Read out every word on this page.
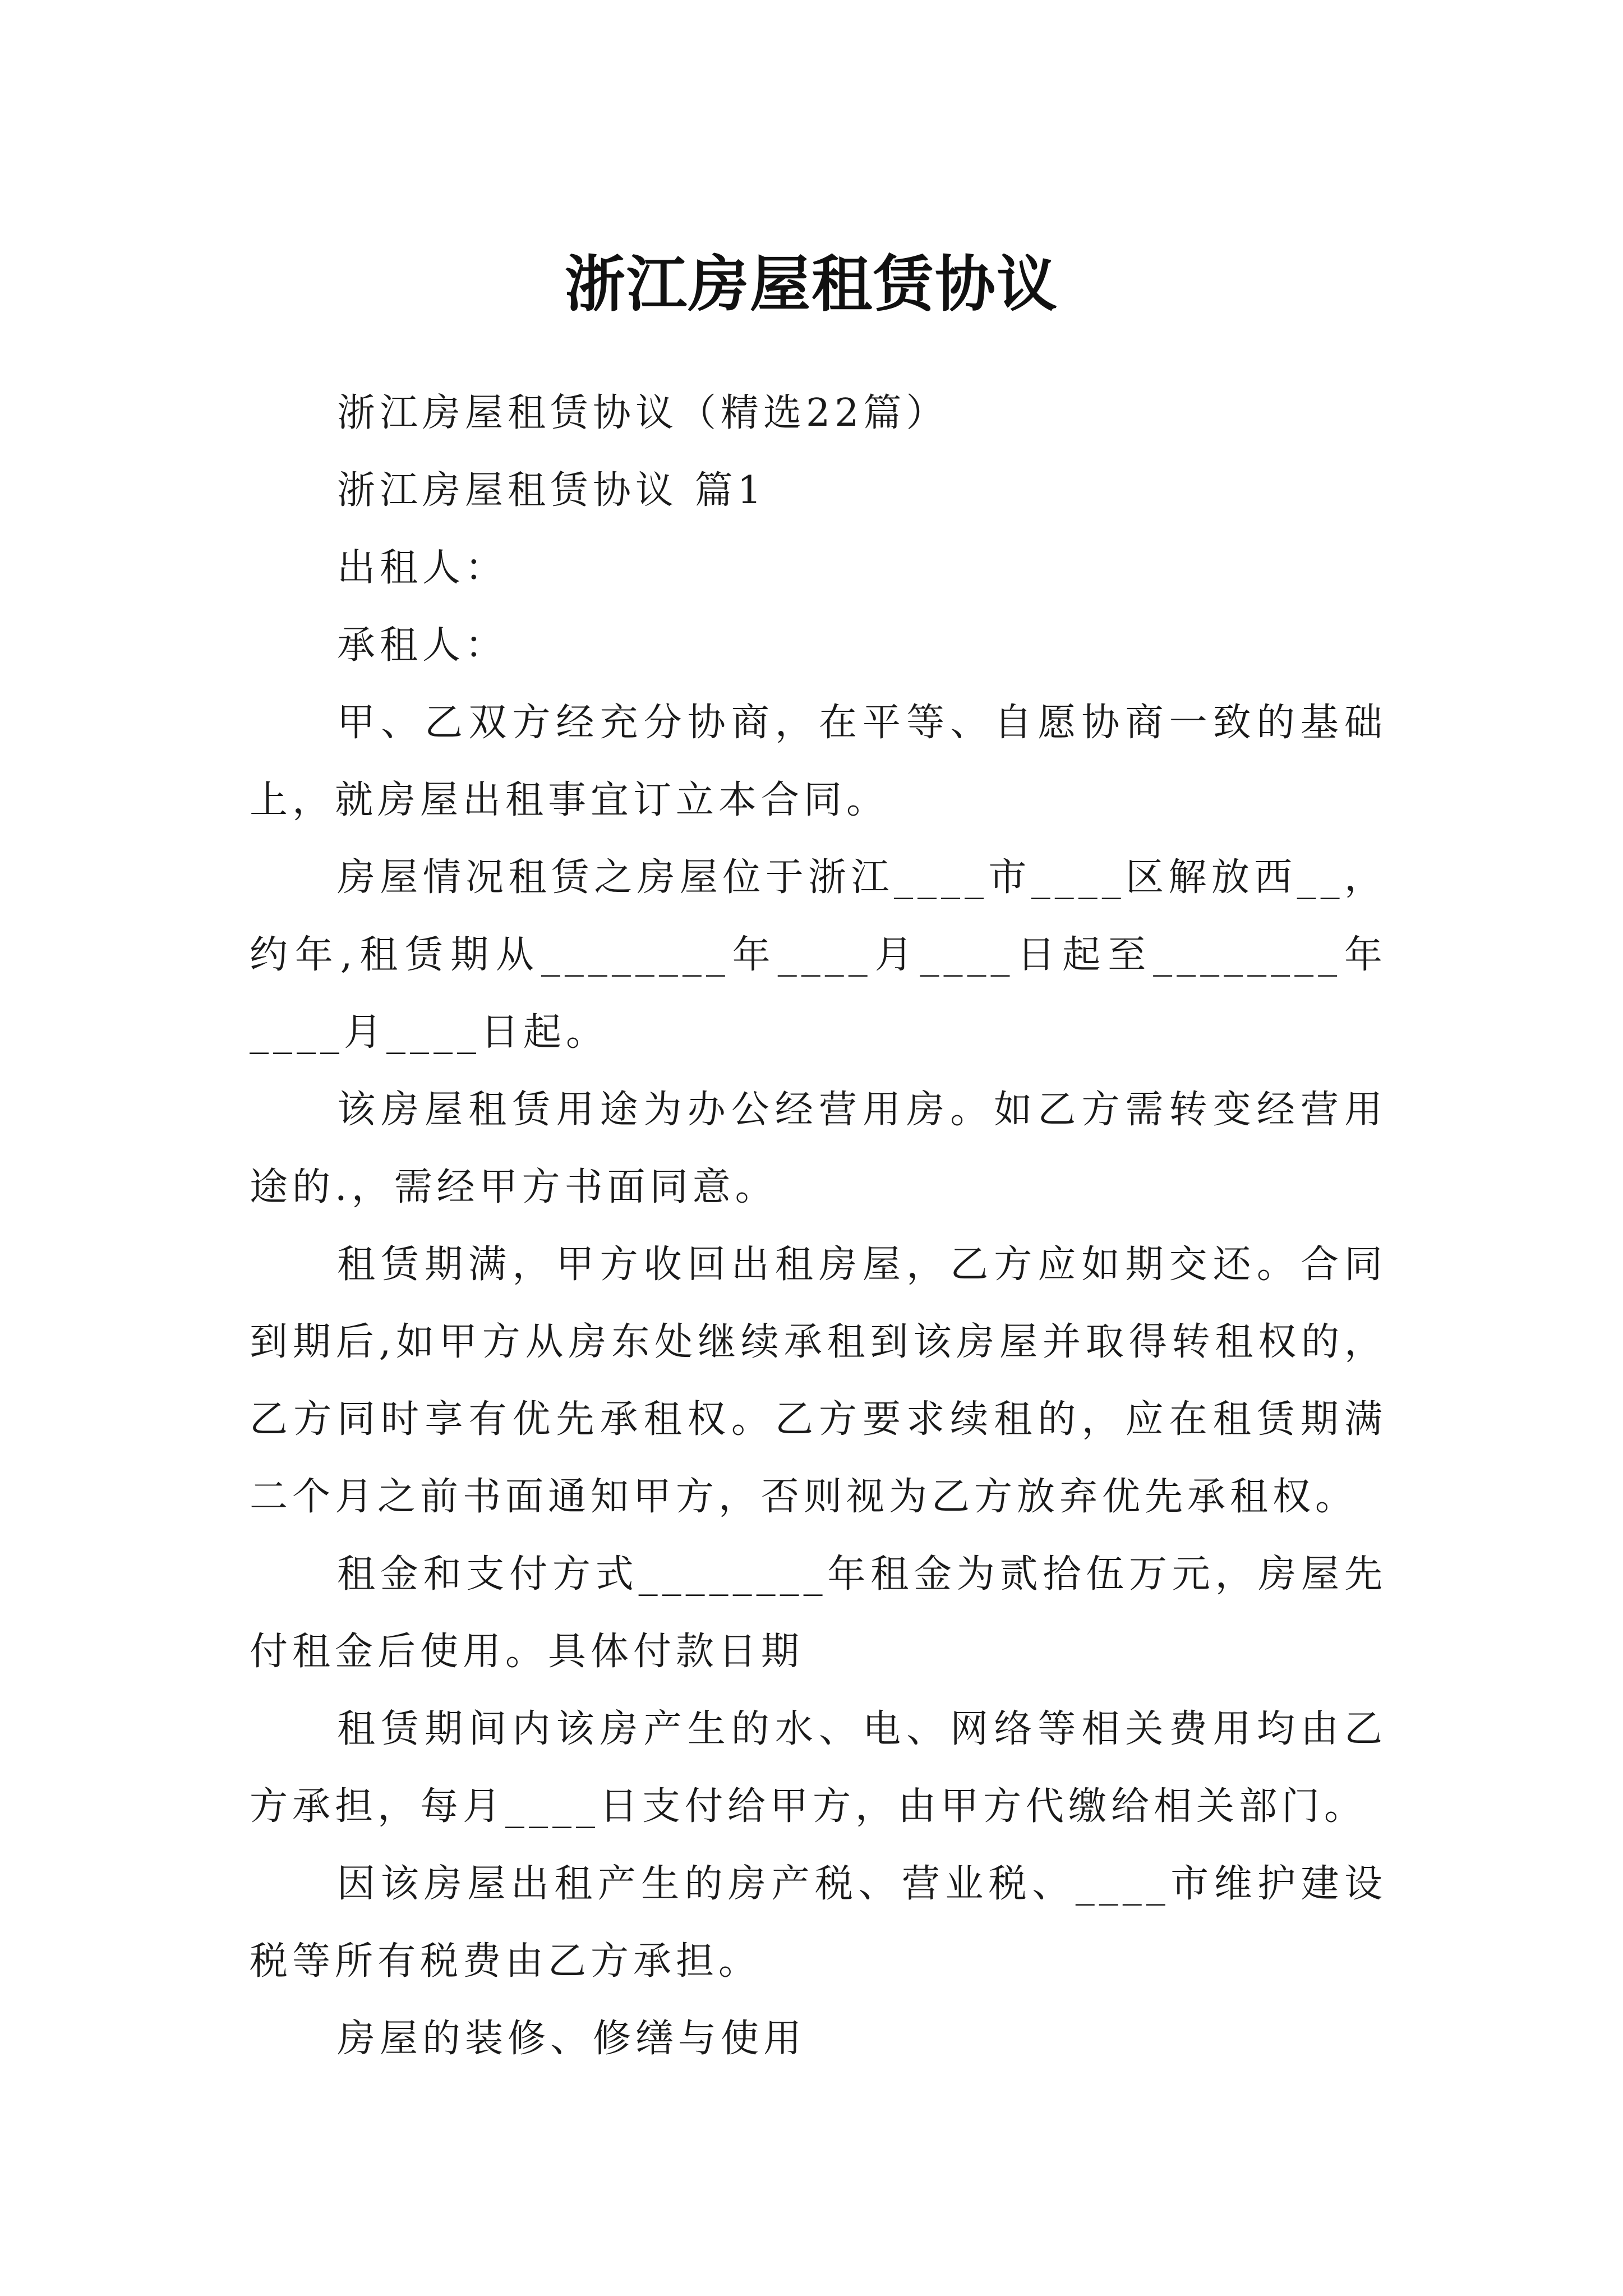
浙江房屋租赁协议

浙江房屋租赁协议（精选22篇）

浙江房屋租赁协议 篇1

出租人：

承租人：

甲、乙双方经充分协商，在平等、自愿协商一致的基础上，就房屋出租事宜订立本合同。

房屋情况租赁之房屋位于浙江____市____区解放西__，约年,租赁期从________年____月____日起至________年____月____日起。

该房屋租赁用途为办公经营用房。如乙方需转变经营用途的.，需经甲方书面同意。

租赁期满，甲方收回出租房屋，乙方应如期交还。合同到期后,如甲方从房东处继续承租到该房屋并取得转租权的，乙方同时享有优先承租权。乙方要求续租的，应在租赁期满二个月之前书面通知甲方，否则视为乙方放弃优先承租权。

租金和支付方式________年租金为贰拾伍万元，房屋先付租金后使用。具体付款日期

租赁期间内该房产生的水、电、网络等相关费用均由乙方承担，每月____日支付给甲方，由甲方代缴给相关部门。

因该房屋出租产生的房产税、营业税、____市维护建设税等所有税费由乙方承担。

房屋的装修、修缮与使用
